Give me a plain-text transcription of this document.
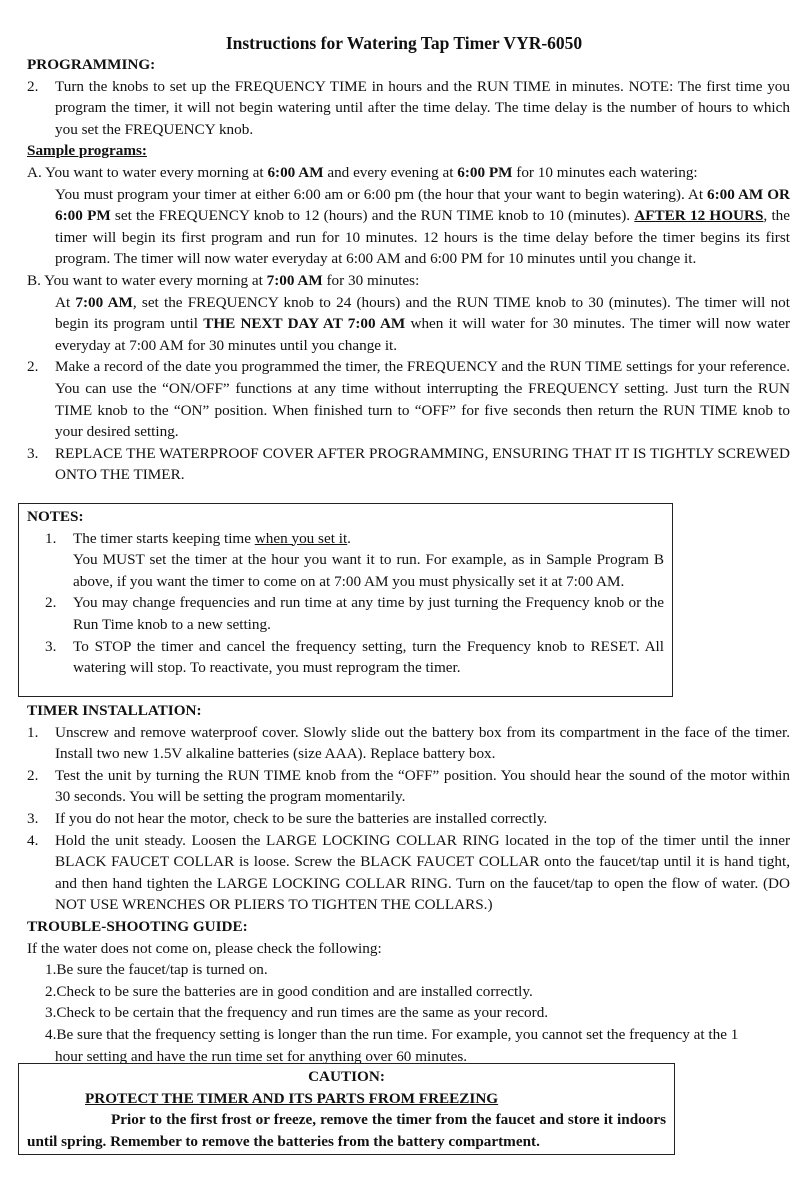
Instructions for Watering Tap Timer VYR-6050

PROGRAMMING:

2. Turn the knobs to set up the FREQUENCY TIME in hours and the RUN TIME in minutes. NOTE: The first time you program the timer, it will not begin watering until after the time delay. The time delay is the number of hours to which you set the FREQUENCY knob.

Sample programs:

A. You want to water every morning at 6:00 AM and every evening at 6:00 PM for 10 minutes each watering:

You must program your timer at either 6:00 am or 6:00 pm (the hour that your want to begin watering). At 6:00 AM OR 6:00 PM set the FREQUENCY knob to 12 (hours) and the RUN TIME knob to 10 (minutes). AFTER 12 HOURS, the timer will begin its first program and run for 10 minutes. 12 hours is the time delay before the timer begins its first program. The timer will now water everyday at 6:00 AM and 6:00 PM for 10 minutes until you change it.

B. You want to water every morning at 7:00 AM for 30 minutes:

At 7:00 AM, set the FREQUENCY knob to 24 (hours) and the RUN TIME knob to 30 (minutes). The timer will not begin its program until THE NEXT DAY AT 7:00 AM when it will water for 30 minutes. The timer will now water everyday at 7:00 AM for 30 minutes until you change it.

2. Make a record of the date you programmed the timer, the FREQUENCY and the RUN TIME settings for your reference. You can use the “ON/OFF” functions at any time without interrupting the FREQUENCY setting. Just turn the RUN TIME knob to the “ON” position. When finished turn to “OFF” for five seconds then return the RUN TIME knob to your desired setting.
3. REPLACE THE WATERPROOF COVER AFTER PROGRAMMING, ENSURING THAT IT IS TIGHTLY SCREWED ONTO THE TIMER.

NOTES:

1. The timer starts keeping time when you set it.
You MUST set the timer at the hour you want it to run. For example, as in Sample Program B above, if you want the timer to come on at 7:00 AM you must physically set it at 7:00 AM.
2. You may change frequencies and run time at any time by just turning the Frequency knob or the Run Time knob to a new setting.
3. To STOP the timer and cancel the frequency setting, turn the Frequency knob to RESET. All watering will stop. To reactivate, you must reprogram the timer.

TIMER INSTALLATION:

1. Unscrew and remove waterproof cover. Slowly slide out the battery box from its compartment in the face of the timer. Install two new 1.5V alkaline batteries (size AAA). Replace battery box.
2. Test the unit by turning the RUN TIME knob from the “OFF” position. You should hear the sound of the motor within 30 seconds. You will be setting the program momentarily.
3. If you do not hear the motor, check to be sure the batteries are installed correctly.
4. Hold the unit steady. Loosen the LARGE LOCKING COLLAR RING located in the top of the timer until the inner BLACK FAUCET COLLAR is loose. Screw the BLACK FAUCET COLLAR onto the faucet/tap until it is hand tight, and then hand tighten the LARGE LOCKING COLLAR RING. Turn on the faucet/tap to open the flow of water. (DO NOT USE WRENCHES OR PLIERS TO TIGHTEN THE COLLARS.)

TROUBLE-SHOOTING GUIDE:

If the water does not come on, please check the following:

1.Be sure the faucet/tap is turned on.

2.Check to be sure the batteries are in good condition and are installed correctly.

3.Check to be certain that the frequency and run times are the same as your record.

4.Be sure that the frequency setting is longer than the run time. For example, you cannot set the frequency at the 1
hour setting and have the run time set for anything over 60 minutes.
CAUTION:
PROTECT THE TIMER AND ITS PARTS FROM FREEZING
Prior to the first frost or freeze, remove the timer from the faucet and store it indoors until spring. Remember to remove the batteries from the battery compartment.
